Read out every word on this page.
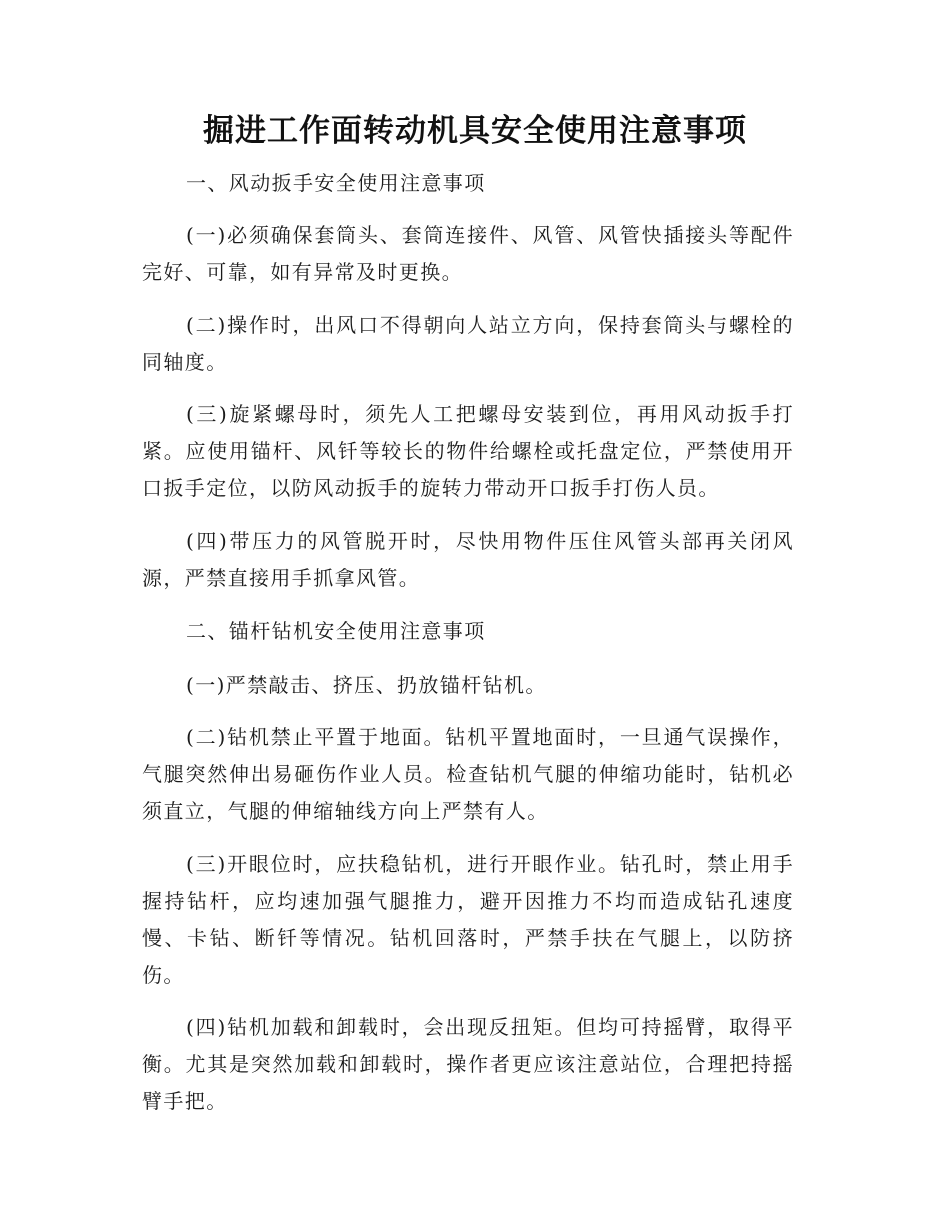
掘进工作面转动机具安全使用注意事项

一、风动扳手安全使用注意事项

(一)必须确保套筒头、套筒连接件、风管、风管快插接头等配件完好、可靠，如有异常及时更换。

(二)操作时，出风口不得朝向人站立方向，保持套筒头与螺栓的同轴度。

(三)旋紧螺母时，须先人工把螺母安装到位，再用风动扳手打紧。应使用锚杆、风钎等较长的物件给螺栓或托盘定位，严禁使用开口扳手定位，以防风动扳手的旋转力带动开口扳手打伤人员。

(四)带压力的风管脱开时，尽快用物件压住风管头部再关闭风源，严禁直接用手抓拿风管。

二、锚杆钻机安全使用注意事项

(一)严禁敲击、挤压、扔放锚杆钻机。

(二)钻机禁止平置于地面。钻机平置地面时，一旦通气误操作，气腿突然伸出易砸伤作业人员。检查钻机气腿的伸缩功能时，钻机必须直立，气腿的伸缩轴线方向上严禁有人。

(三)开眼位时，应扶稳钻机，进行开眼作业。钻孔时，禁止用手握持钻杆，应均速加强气腿推力，避开因推力不均而造成钻孔速度慢、卡钻、断钎等情况。钻机回落时，严禁手扶在气腿上，以防挤伤。

(四)钻机加载和卸载时，会出现反扭矩。但均可持摇臂，取得平衡。尤其是突然加载和卸载时，操作者更应该注意站位，合理把持摇臂手把。
